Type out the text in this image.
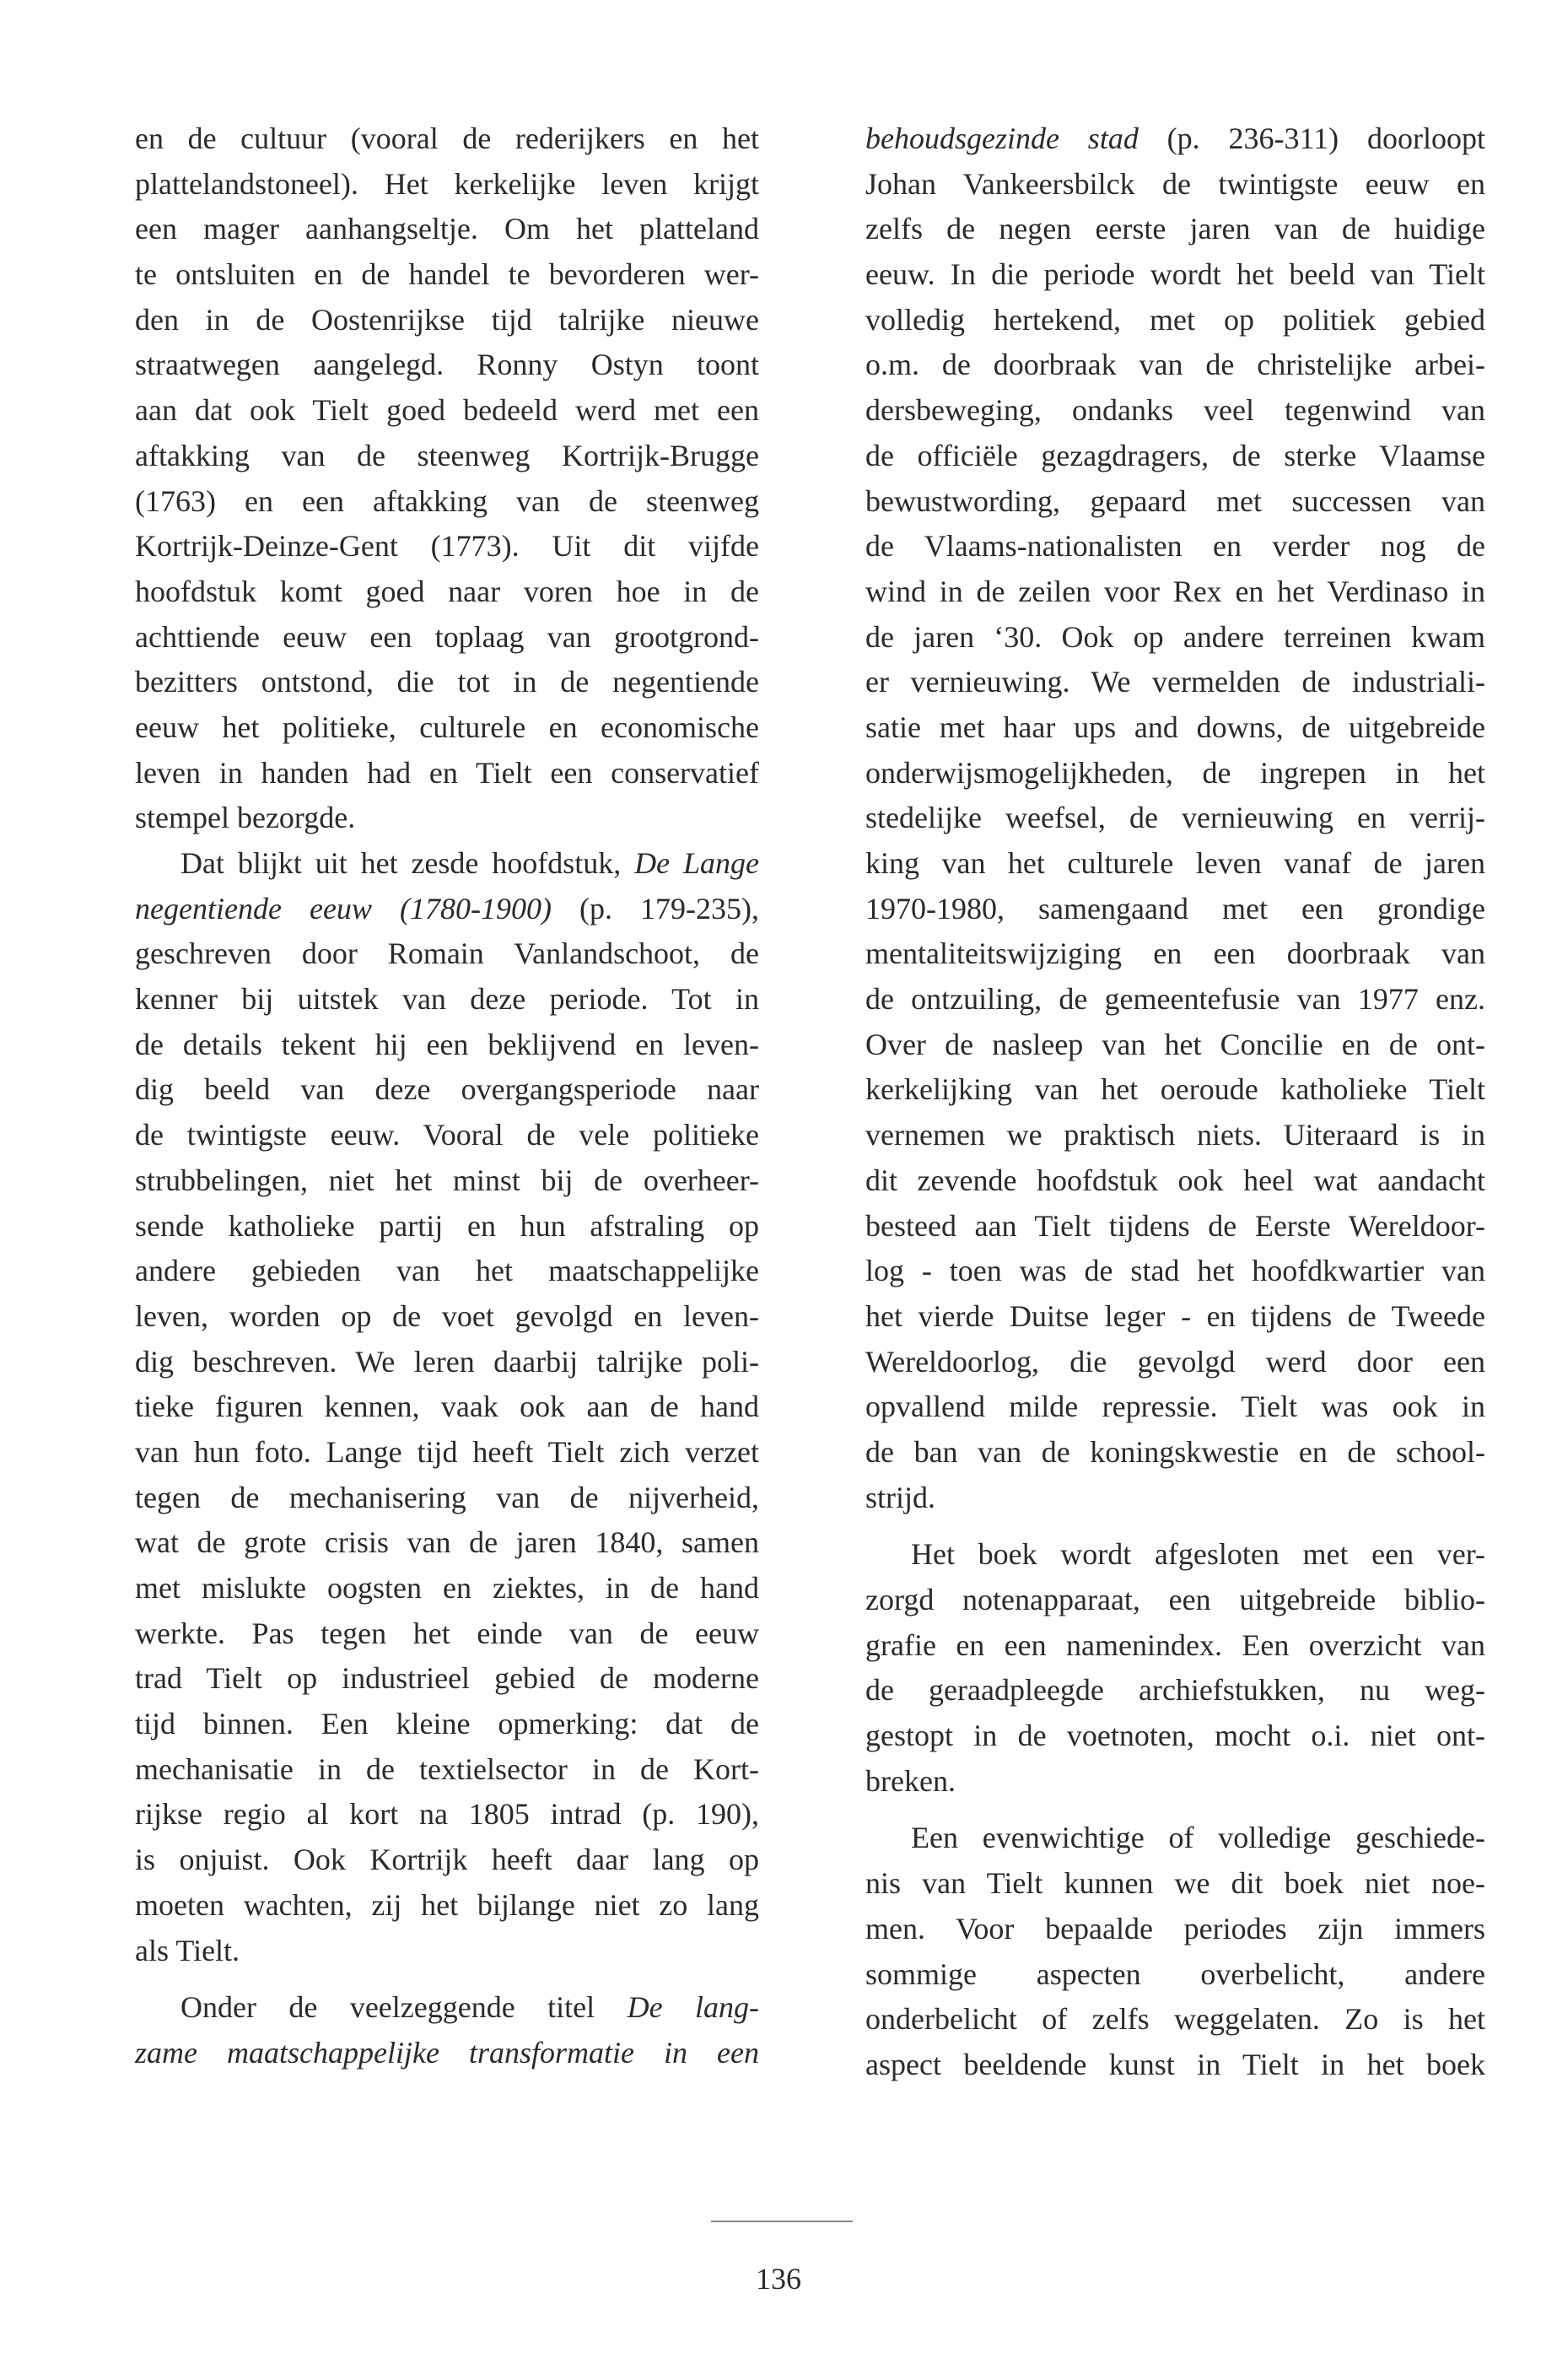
en de cultuur (vooral de rederijkers en het
plattelandstoneel). Het kerkelijke leven krijgt
een mager aanhangseltje. Om het platteland
te ontsluiten en de handel te bevorderen wer-
den in de Oostenrijkse tijd talrijke nieuwe
straatwegen aangelegd. Ronny Ostyn toont
aan dat ook Tielt goed bedeeld werd met een
aftakking van de steenweg Kortrijk-Brugge
(1763) en een aftakking van de steenweg
Kortrijk-Deinze-Gent (1773). Uit dit vijfde
hoofdstuk komt goed naar voren hoe in de
achttiende eeuw een toplaag van grootgrond-
bezitters ontstond, die tot in de negentiende
eeuw het politieke, culturele en economische
leven in handen had en Tielt een conservatief
stempel bezorgde.
Dat blijkt uit het zesde hoofdstuk, De Lange
negentiende eeuw (1780-1900) (p. 179-235),
geschreven door Romain Vanlandschoot, de
kenner bij uitstek van deze periode. Tot in
de details tekent hij een beklijvend en leven-
dig beeld van deze overgangsperiode naar
de twintigste eeuw. Vooral de vele politieke
strubbelingen, niet het minst bij de overheer-
sende katholieke partij en hun afstraling op
andere gebieden van het maatschappelijke
leven, worden op de voet gevolgd en leven-
dig beschreven. We leren daarbij talrijke poli-
tieke figuren kennen, vaak ook aan de hand
van hun foto. Lange tijd heeft Tielt zich verzet
tegen de mechanisering van de nijverheid,
wat de grote crisis van de jaren 1840, samen
met mislukte oogsten en ziektes, in de hand
werkte. Pas tegen het einde van de eeuw
trad Tielt op industrieel gebied de moderne
tijd binnen. Een kleine opmerking: dat de
mechanisatie in de textielsector in de Kort-
rijkse regio al kort na 1805 intrad (p. 190),
is onjuist. Ook Kortrijk heeft daar lang op
moeten wachten, zij het bijlange niet zo lang
als Tielt.
Onder de veelzeggende titel De lang-
zame maatschappelijke transformatie in een
behoudsgezinde stad (p. 236-311) doorloopt
Johan Vankeersbilck de twintigste eeuw en
zelfs de negen eerste jaren van de huidige
eeuw. In die periode wordt het beeld van Tielt
volledig hertekend, met op politiek gebied
o.m. de doorbraak van de christelijke arbei-
dersbeweging, ondanks veel tegenwind van
de officiële gezagdragers, de sterke Vlaamse
bewustwording, gepaard met successen van
de Vlaams-nationalisten en verder nog de
wind in de zeilen voor Rex en het Verdinaso in
de jaren ‘30. Ook op andere terreinen kwam
er vernieuwing. We vermelden de industriali-
satie met haar ups and downs, de uitgebreide
onderwijsmogelijkheden, de ingrepen in het
stedelijke weefsel, de vernieuwing en verrij-
king van het culturele leven vanaf de jaren
1970-1980, samengaand met een grondige
mentaliteitswijziging en een doorbraak van
de ontzuiling, de gemeentefusie van 1977 enz.
Over de nasleep van het Concilie en de ont-
kerkelijking van het oeroude katholieke Tielt
vernemen we praktisch niets. Uiteraard is in
dit zevende hoofdstuk ook heel wat aandacht
besteed aan Tielt tijdens de Eerste Wereldoor-
log - toen was de stad het hoofdkwartier van
het vierde Duitse leger - en tijdens de Tweede
Wereldoorlog, die gevolgd werd door een
opvallend milde repressie. Tielt was ook in
de ban van de koningskwestie en de school-
strijd.
Het boek wordt afgesloten met een ver-
zorgd notenapparaat, een uitgebreide biblio-
grafie en een namenindex. Een overzicht van
de geraadpleegde archiefstukken, nu weg-
gestopt in de voetnoten, mocht o.i. niet ont-
breken.
Een evenwichtige of volledige geschiede-
nis van Tielt kunnen we dit boek niet noe-
men. Voor bepaalde periodes zijn immers
sommige aspecten overbelicht, andere
onderbelicht of zelfs weggelaten. Zo is het
aspect beeldende kunst in Tielt in het boek
136
